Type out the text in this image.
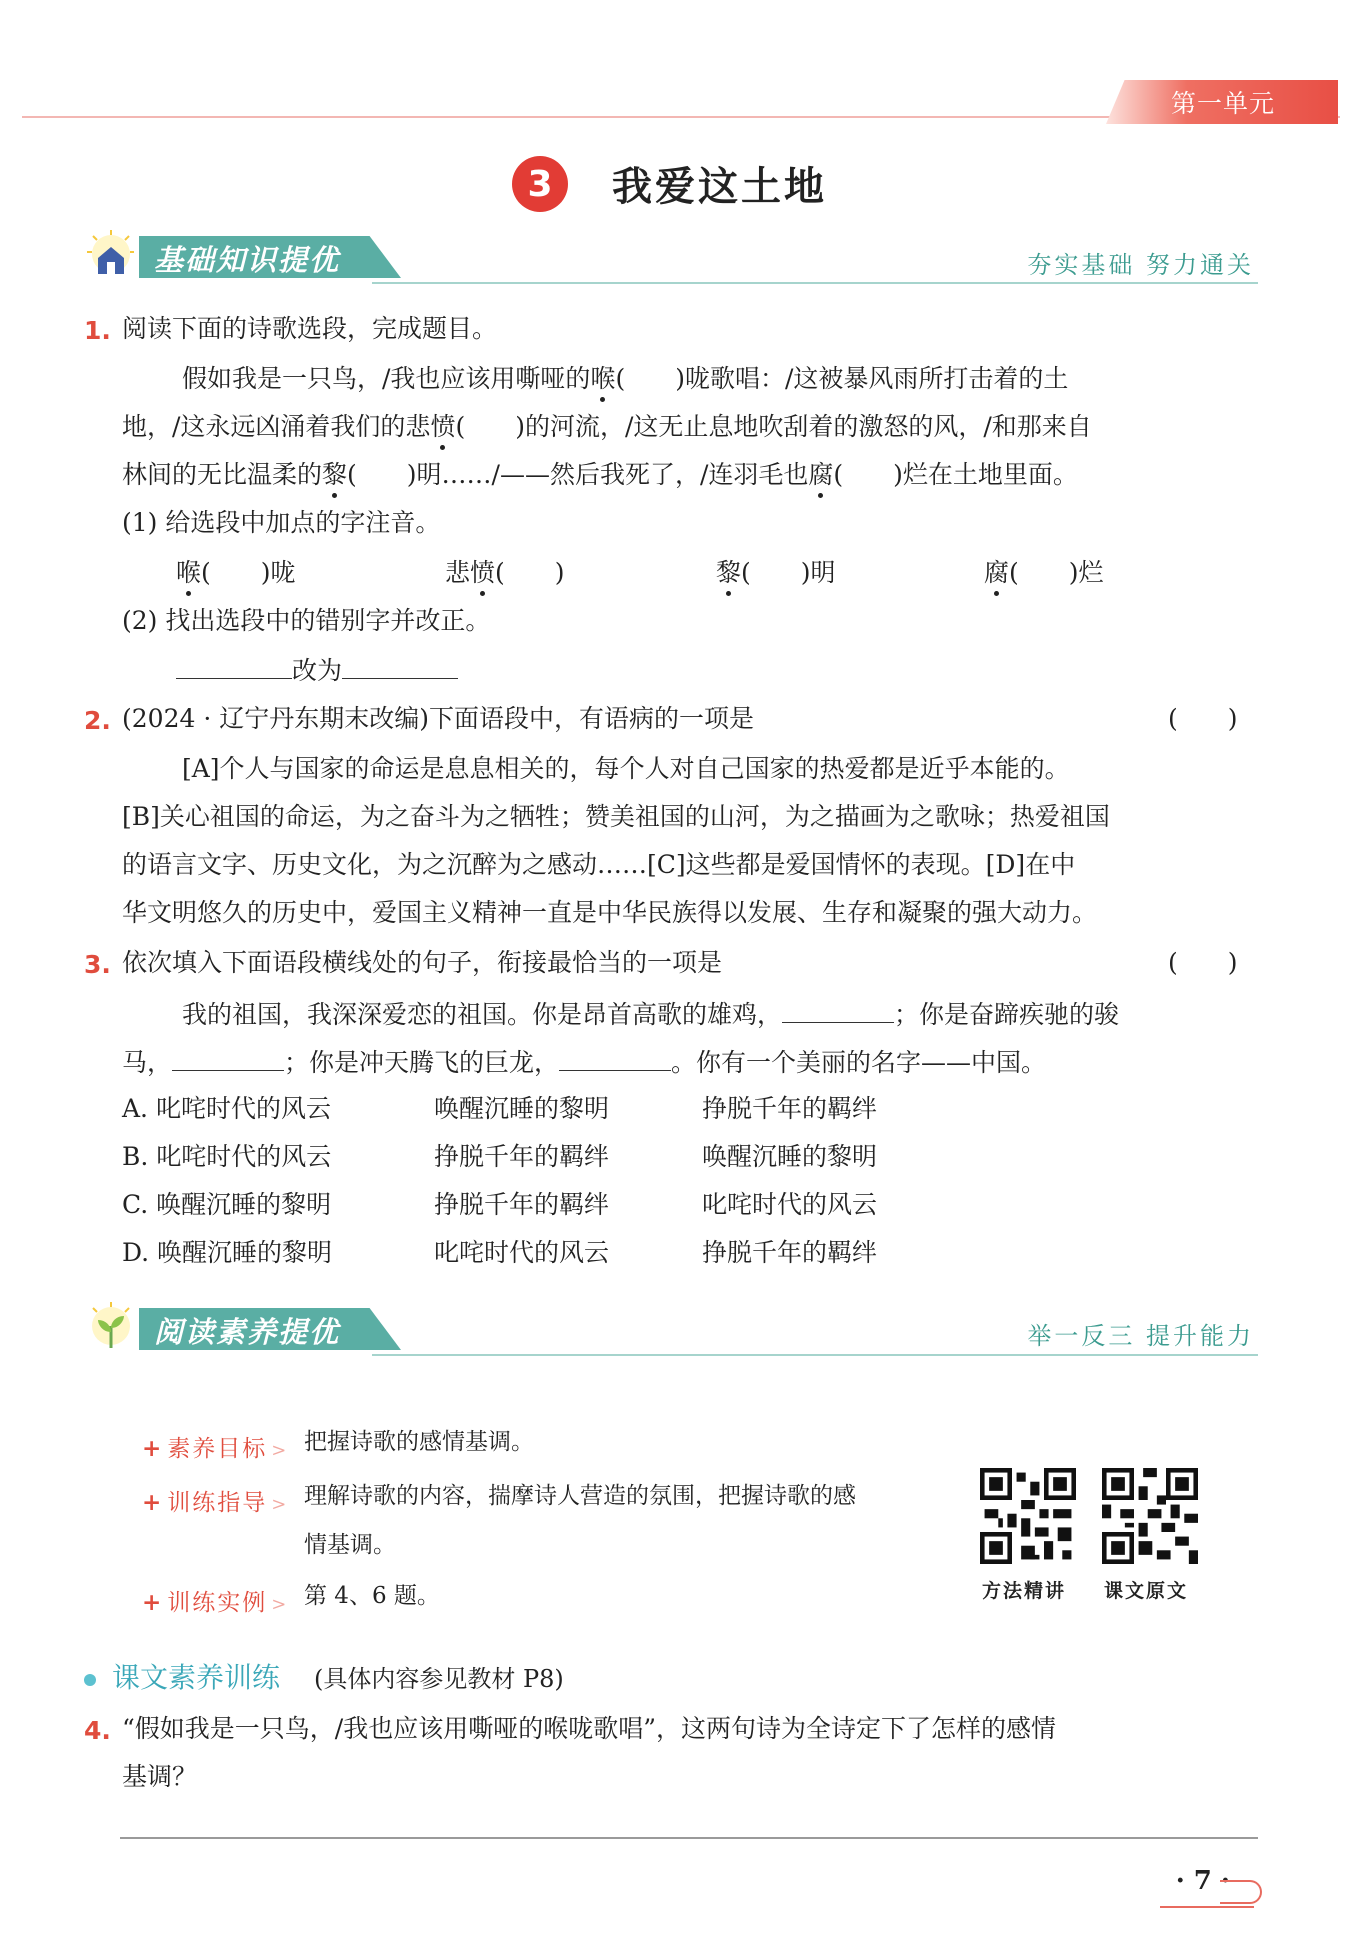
第一单元
3	我爱这土地
基础知识提优	夯实基础 努力通关
1. 阅读下面的诗歌选段，完成题目。
假如我是一只鸟，/我也应该用嘶哑的喉(　　)咙歌唱：/这被暴风雨所打击着的土
地，/这永远凶涌着我们的悲愤(　　)的河流，/这无止息地吹刮着的激怒的风，/和那来自
林间的无比温柔的黎(　　)明……/——然后我死了，/连羽毛也腐(　　)烂在土地里面。
(1) 给选段中加点的字注音。
喉(　　)咙	悲愤(　　)	黎(　　)明	腐(　　)烂
(2) 找出选段中的错别字并改正。
改为
2. (2024 · 辽宁丹东期末改编)下面语段中，有语病的一项是	(　　)
[A]个人与国家的命运是息息相关的，每个人对自己国家的热爱都是近乎本能的。
[B]关心祖国的命运，为之奋斗为之牺牲；赞美祖国的山河，为之描画为之歌咏；热爱祖国
的语言文字、历史文化，为之沉醉为之感动……[C]这些都是爱国情怀的表现。[D]在中
华文明悠久的历史中，爱国主义精神一直是中华民族得以发展、生存和凝聚的强大动力。
3. 依次填入下面语段横线处的句子，衔接最恰当的一项是	(　　)
我的祖国，我深深爱恋的祖国。你是昂首高歌的雄鸡，	；你是奋蹄疾驰的骏
马，	；你是冲天腾飞的巨龙，	。你有一个美丽的名字——中国。
A. 叱咤时代的风云	唤醒沉睡的黎明	挣脱千年的羁绊
B. 叱咤时代的风云	挣脱千年的羁绊	唤醒沉睡的黎明
C. 唤醒沉睡的黎明	挣脱千年的羁绊	叱咤时代的风云
D. 唤醒沉睡的黎明	叱咤时代的风云	挣脱千年的羁绊
阅读素养提优	举一反三 提升能力
+ 素养目标 > 把握诗歌的感情基调。
+ 训练指导 > 理解诗歌的内容，揣摩诗人营造的氛围，把握诗歌的感
情基调。
+ 训练实例 > 第 4、6 题。	方法精讲 课文原文
课文素养训练 (具体内容参见教材 P8)
4. “假如我是一只鸟，/我也应该用嘶哑的喉咙歌唱”，这两句诗为全诗定下了怎样的感情
基调？
· 7 ·
